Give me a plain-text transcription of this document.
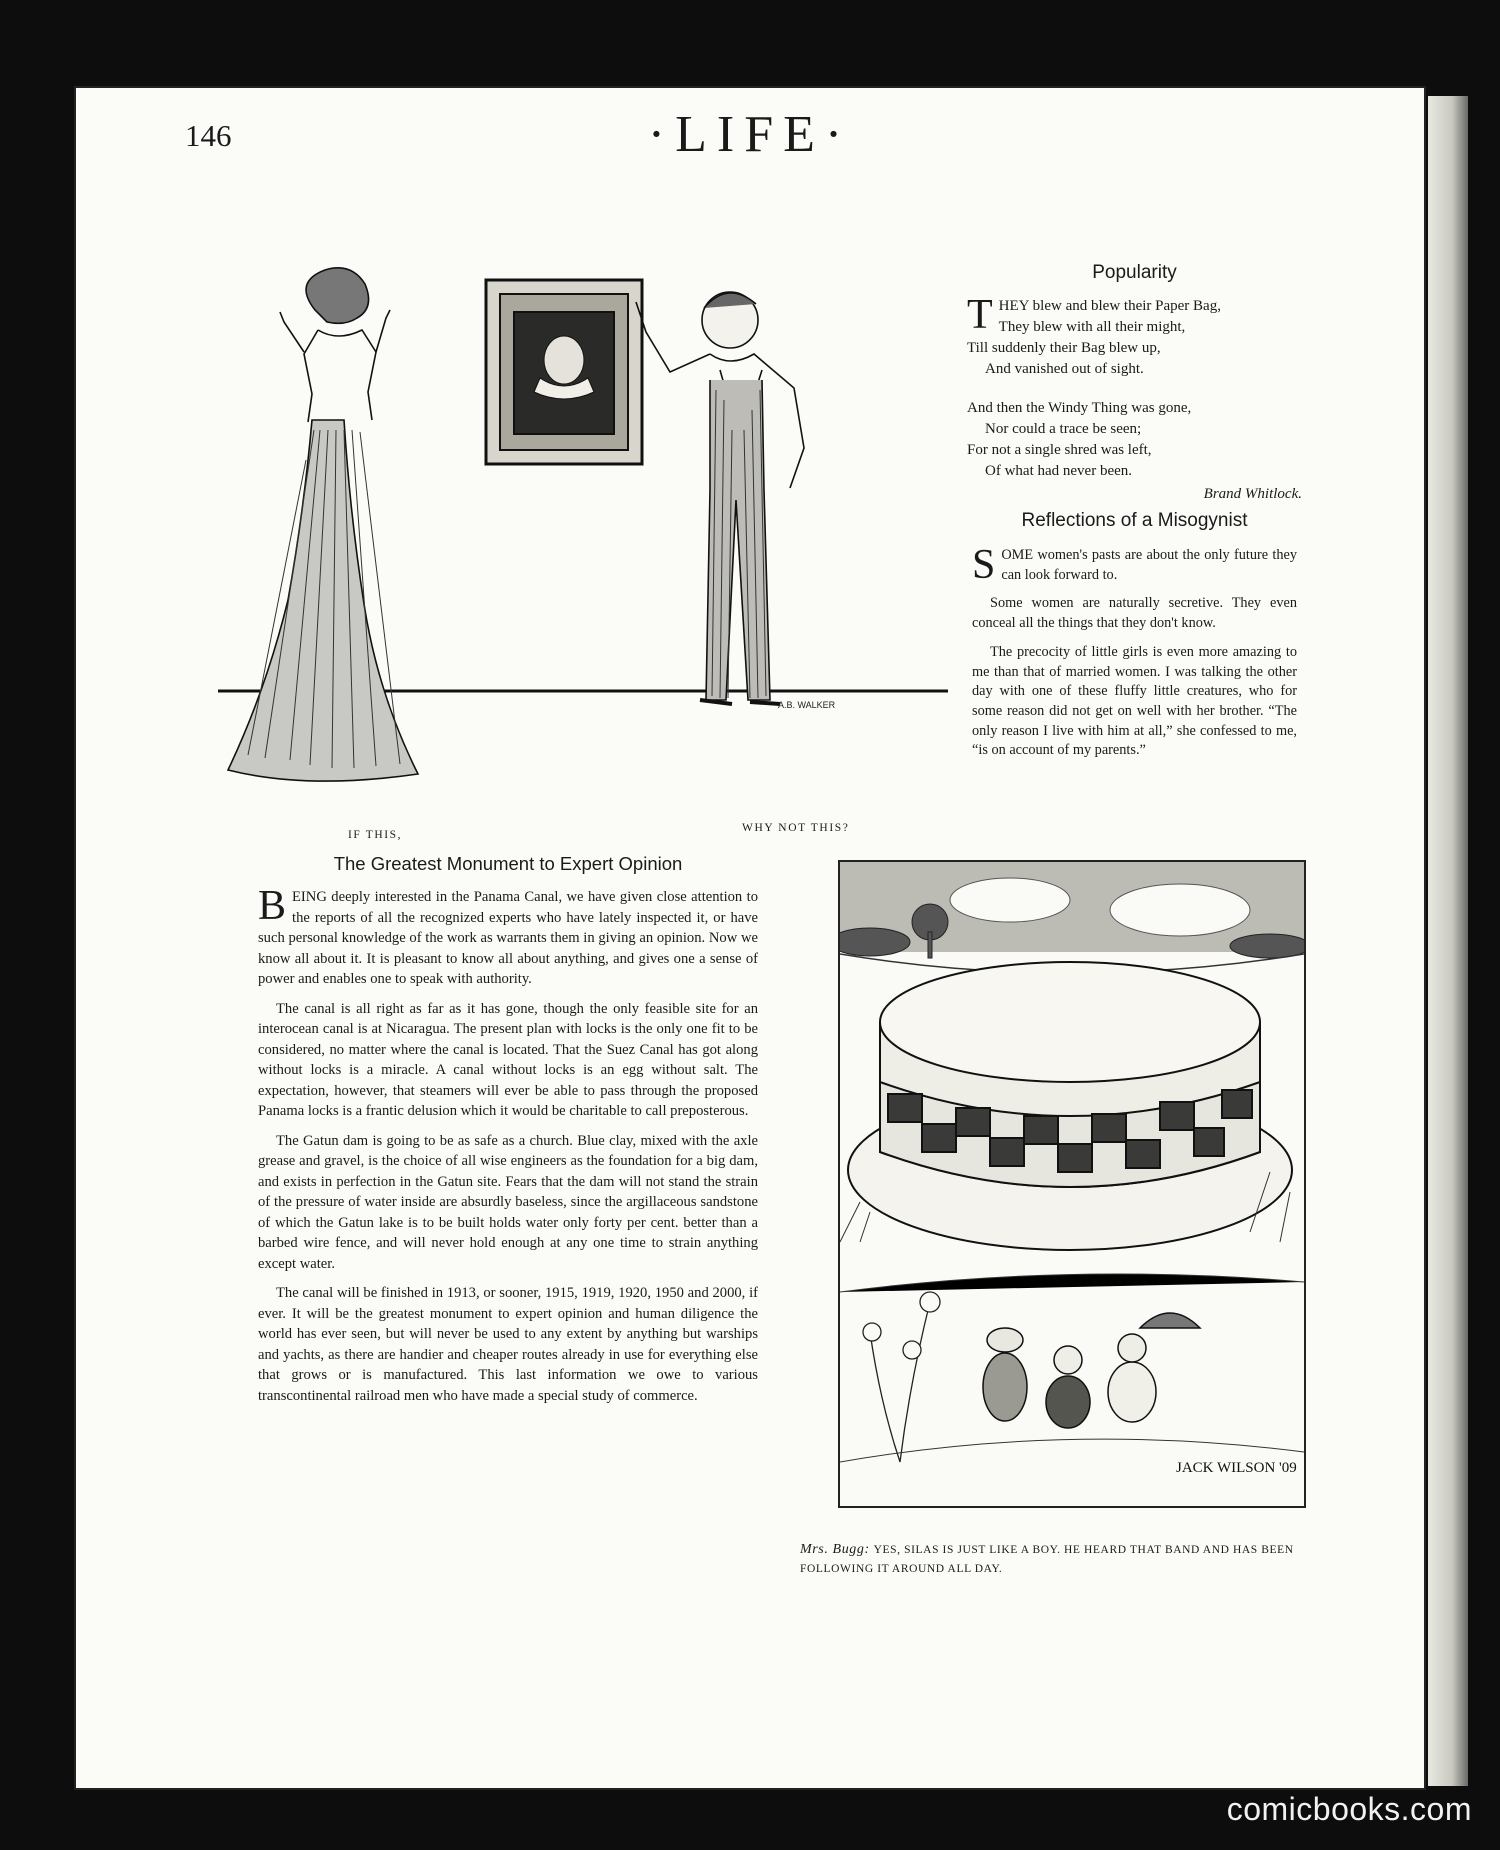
146	·LIFE·
A.B. WALKER
IF THIS,
WHY NOT THIS?
Popularity
T HEY blew and blew their Paper Bag,

They blew with all their might,

Till suddenly their Bag blew up,

And vanished out of sight.

And then the Windy Thing was gone,

Nor could a trace be seen;

For not a single shred was left,

Of what had never been.

Brand Whitlock.

Reflections of a Misogynist

SOME women's pasts are about the only future they can look forward to.

Some women are naturally secretive. They even conceal all the things that they don't know.

The precocity of little girls is even more amazing to me than that of married women. I was talking the other day with one of these fluffy little creatures, who for some reason did not get on well with her brother. “The only reason I live with him at all,” she confessed to me, “is on account of my parents.”

The Greatest Monument to Expert Opinion

BEING deeply interested in the Panama Canal, we have given close attention to the reports of all the recognized experts who have lately inspected it, or have such personal knowledge of the work as warrants them in giving an opinion. Now we know all about it. It is pleasant to know all about anything, and gives one a sense of power and enables one to speak with authority.

The canal is all right as far as it has gone, though the only feasible site for an interocean canal is at Nicaragua. The present plan with locks is the only one fit to be considered, no matter where the canal is located. That the Suez Canal has got along without locks is a miracle. A canal without locks is an egg without salt. The expectation, however, that steamers will ever be able to pass through the proposed Panama locks is a frantic delusion which it would be charitable to call preposterous.

The Gatun dam is going to be as safe as a church. Blue clay, mixed with the axle grease and gravel, is the choice of all wise engineers as the foundation for a big dam, and exists in perfection in the Gatun site. Fears that the dam will not stand the strain of the pressure of water inside are absurdly baseless, since the argillaceous sandstone of which the Gatun lake is to be built holds water only forty per cent. better than a barbed wire fence, and will never hold enough at any one time to strain anything except water.

The canal will be finished in 1913, or sooner, 1915, 1919, 1920, 1950 and 2000, if ever. It will be the greatest monument to expert opinion and human diligence the world has ever seen, but will never be used to any extent by anything but warships and yachts, as there are handier and cheaper routes already in use for everything else that grows or is manufactured. This last information we owe to various transcontinental railroad men who have made a special study of commerce.

JACK WILSON '09
Mrs. Bugg: YES, SILAS IS JUST LIKE A BOY. HE HEARD THAT BAND AND HAS BEEN FOLLOWING IT AROUND ALL DAY.
comicbooks.com
